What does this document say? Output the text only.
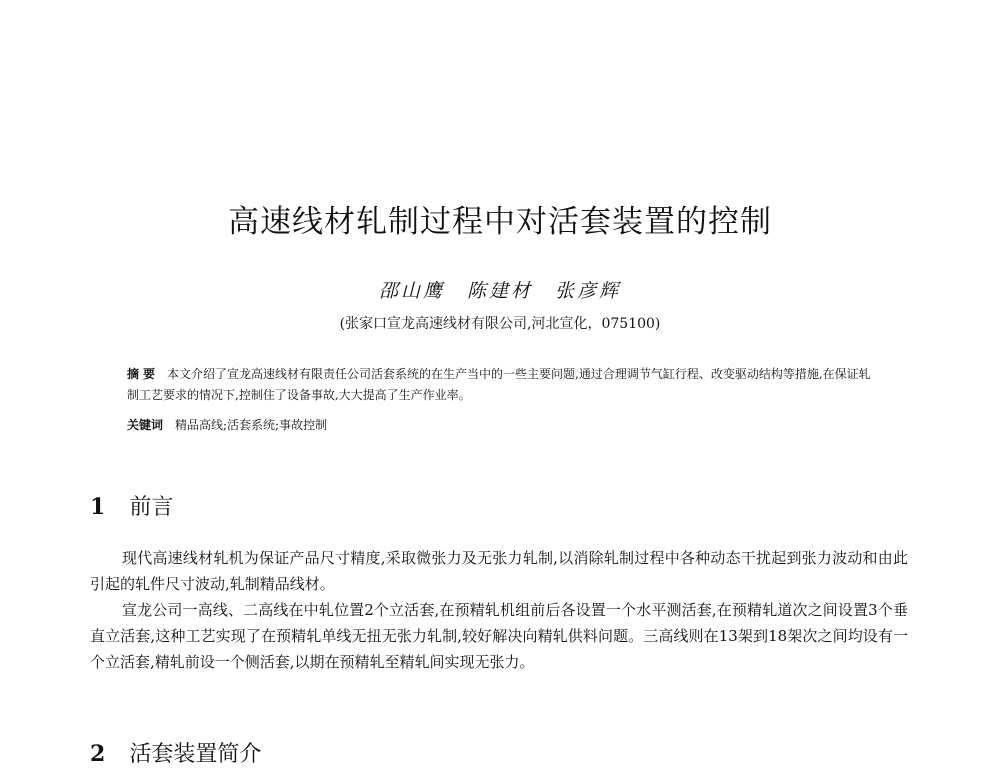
高速线材轧制过程中对活套装置的控制
邵山鹰　陈建材　张彦辉
(张家口宣龙高速线材有限公司,河北宣化，075100)
摘要 本文介绍了宣龙高速线材有限责任公司活套系统的在生产当中的一些主要问题,通过合理调节气缸行程、改变驱动结构等措施,在保证轧制工艺要求的情况下,控制住了设备事故,大大提高了生产作业率。
关键词 精品高线;活套系统;事故控制
1 前言
现代高速线材轧机为保证产品尺寸精度,采取微张力及无张力轧制,以消除轧制过程中各种动态干扰起到张力波动和由此引起的轧件尺寸波动,轧制精品线材。
宣龙公司一高线、二高线在中轧位置2个立活套,在预精轧机组前后各设置一个水平测活套,在预精轧道次之间设置3个垂直立活套,这种工艺实现了在预精轧单线无扭无张力轧制,较好解决向精轧供料问题。三高线则在13架到18架次之间均设有一个立活套,精轧前设一个侧活套,以期在预精轧至精轧间实现无张力。
2 活套装置简介
